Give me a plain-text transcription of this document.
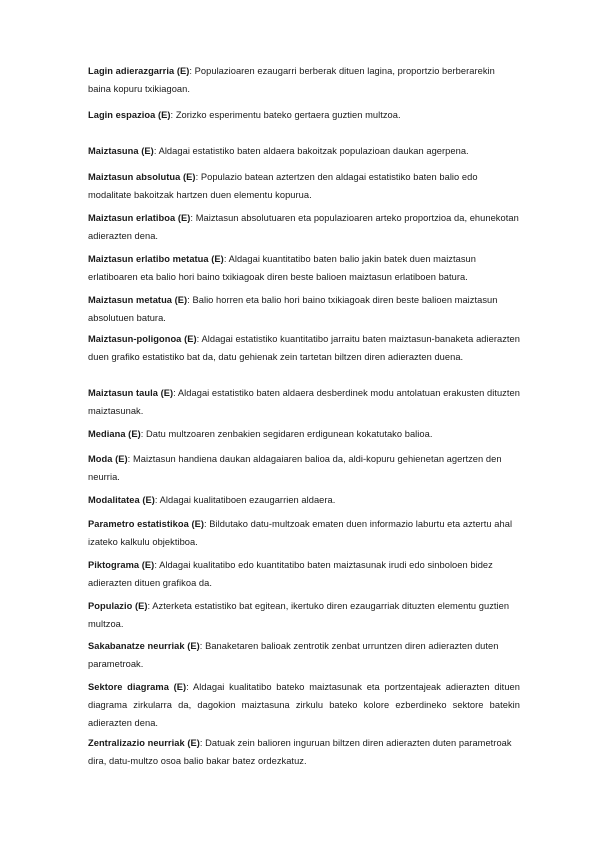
Lagin adierazgarria (E): Populazioaren ezaugarri berberak dituen lagina, proportzio berberarekin baina kopuru txikiagoan.

Lagin espazioa (E): Zorizko esperimentu bateko gertaera guztien multzoa.

Maiztasuna (E): Aldagai estatistiko baten aldaera bakoitzak populazioan daukan agerpena.

Maiztasun absolutua (E): Populazio batean aztertzen den aldagai estatistiko baten balio edo modalitate bakoitzak hartzen duen elementu kopurua.

Maiztasun erlatiboa (E): Maiztasun absolutuaren eta populazioaren arteko proportzioa da, ehunekotan adierazten dena.

Maiztasun erlatibo metatua (E): Aldagai kuantitatibo baten balio jakin batek duen maiztasun erlatiboaren eta balio hori baino txikiagoak diren beste balioen maiztasun erlatiboen batura.

Maiztasun metatua (E): Balio horren eta balio hori baino txikiagoak diren beste balioen maiztasun absolutuen batura.

Maiztasun-poligonoa (E): Aldagai estatistiko kuantitatibo jarraitu baten maiztasun-banaketa adierazten duen grafiko estatistiko bat da, datu gehienak zein tartetan biltzen diren adierazten duena.

Maiztasun taula (E): Aldagai estatistiko baten aldaera desberdinek modu antolatuan erakusten dituzten maiztasunak.

Mediana (E): Datu multzoaren zenbakien segidaren erdigunean kokatutako balioa.

Moda (E): Maiztasun handiena daukan aldagaiaren balioa da, aldi-kopuru gehienetan agertzen den neurria.

Modalitatea (E): Aldagai kualitatiboen ezaugarrien aldaera.

Parametro estatistikoa (E): Bildutako datu-multzoak ematen duen informazio laburtu eta aztertu ahal izateko kalkulu objektiboa.

Piktograma (E): Aldagai kualitatibo edo kuantitatibo baten maiztasunak irudi edo sinboloen bidez adierazten dituen grafikoa da.

Populazio (E): Azterketa estatistiko bat egitean, ikertuko diren ezaugarriak dituzten elementu guztien multzoa.

Sakabanatze neurriak (E): Banaketaren balioak zentrotik zenbat urruntzen diren adierazten duten parametroak.

Sektore diagrama (E): Aldagai kualitatibo bateko maiztasunak eta portzentajeak adierazten dituen diagrama zirkularra da, dagokion maiztasuna zirkulu bateko kolore ezberdineko sektore batekin adierazten dena.

Zentralizazio neurriak (E): Datuak zein balioren inguruan biltzen diren adierazten duten parametroak dira, datu-multzo osoa balio bakar batez ordezkatuz.
